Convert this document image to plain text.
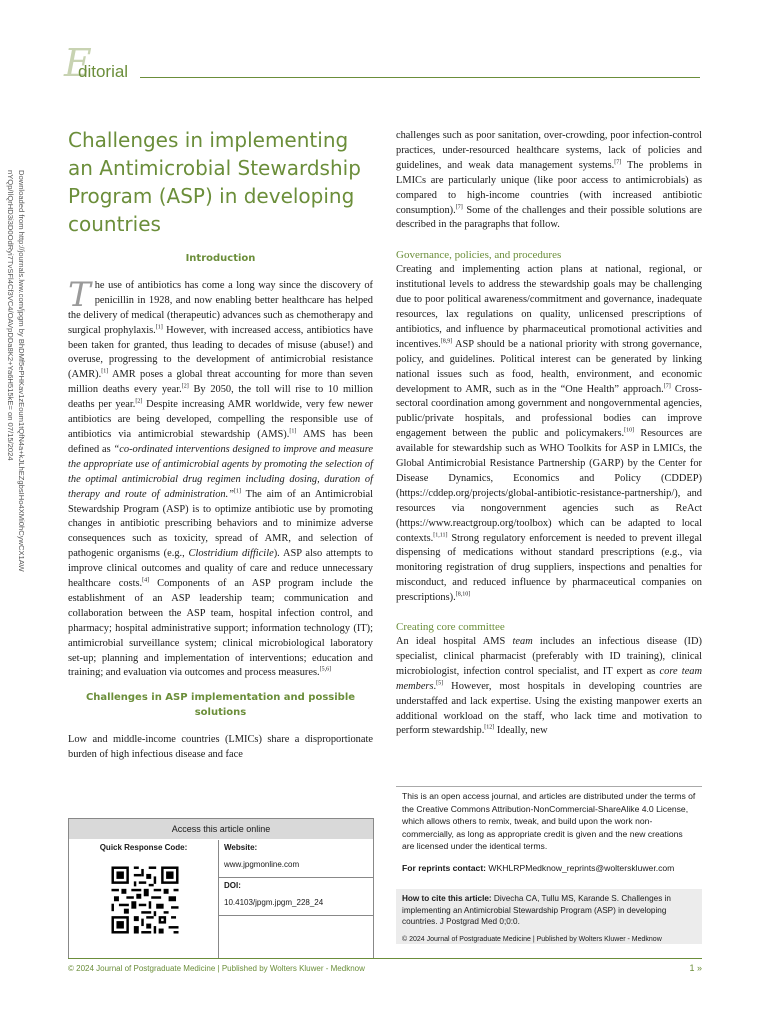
E
ditorial
Downloaded from http://journals.lww.com/jpgm by BhDMf5ePHKav1zEoum1tQfN4a+kJLhEZgbsIHo4XMi0hCywCX1AW nYQp/IlQrHD3i3D0OdRyi7TvSFl4Cf3VC4/OAVpDDa8K2+Ya6H515kE= on 07/15/2024
Challenges in implementing an Antimicrobial Stewardship Program (ASP) in developing countries

Introduction

The use of antibiotics has come a long way since the discovery of penicillin in 1928, and now enabling better healthcare has helped the delivery of medical (therapeutic) advances such as chemotherapy and surgical prophylaxis.[1] However, with increased access, antibiotics have been taken for granted, thus leading to decades of misuse (abuse!) and overuse, progressing to the development of antimicrobial resistance (AMR).[1] AMR poses a global threat accounting for more than seven million deaths every year.[2] By 2050, the toll will rise to 10 million deaths per year.[2] Despite increasing AMR worldwide, very few newer antibiotics are being developed, compelling the responsible use of antibiotics via antimicrobial stewardship (AMS).[1] AMS has been defined as “co-ordinated interventions designed to improve and measure the appropriate use of antimicrobial agents by promoting the selection of the optimal antimicrobial drug regimen including dosing, duration of therapy and route of administration.”[1] The aim of an Antimicrobial Stewardship Program (ASP) is to optimize antibiotic use by promoting changes in antibiotic prescribing behaviors and to minimize adverse consequences such as toxicity, spread of AMR, and selection of pathogenic organisms (e.g., Clostridium difficile). ASP also attempts to improve clinical outcomes and quality of care and reduce unnecessary healthcare costs.[4] Components of an ASP program include the establishment of an ASP leadership team; communication and collaboration between the ASP team, hospital infection control, and pharmacy; hospital administrative support; information technology (IT); antimicrobial surveillance system; clinical microbiological laboratory set-up; planning and implementation of interventions; education and training; and evaluation via outcomes and process measures.[5,6]

Challenges in ASP implementation and possible solutions

Low and middle-income countries (LMICs) share a disproportionate burden of high infectious disease and face

challenges such as poor sanitation, over-crowding, poor infection-control practices, under-resourced healthcare systems, lack of policies and guidelines, and weak data management systems.[7] The problems in LMICs are particularly unique (like poor access to antimicrobials) as compared to high-income countries (with increased antibiotic consumption).[7] Some of the challenges and their possible solutions are described in the paragraphs that follow.

Governance, policies, and procedures

Creating and implementing action plans at national, regional, or institutional levels to address the stewardship goals may be challenging due to poor political awareness/commitment and governance, inadequate resources, lax regulations on quality, unlicensed prescriptions of antibiotics, and influence by pharmaceutical promotional activities and incentives.[8,9] ASP should be a national priority with strong governance, policy, and guidelines. Political interest can be generated by linking national issues such as food, health, environment, and economic development to AMR, such as in the “One Health” approach.[7] Cross-sectoral coordination among government and nongovernmental agencies, public/private hospitals, and professional bodies can improve engagement between the public and policymakers.[10] Resources are available for stewardship such as WHO Toolkits for ASP in LMICs, the Global Antimicrobial Resistance Partnership (GARP) by the Center for Disease Dynamics, Economics and Policy (CDDEP) (https://cddep.org/projects/global-antibiotic-resistance-partnership/), and resources via nongovernment agencies such as ReAct (https://www.reactgroup.org/toolbox) which can be adapted to local contexts.[1,11] Strong regulatory enforcement is needed to prevent illegal dispensing of medications without standard prescriptions (e.g., via monitoring registration of drug suppliers, inspections and penalties for misconduct, and reduced influence by pharmaceutical companies on prescriptions).[8,10]

Creating core committee

An ideal hospital AMS team includes an infectious disease (ID) specialist, clinical pharmacist (preferably with ID training), clinical microbiologist, infection control specialist, and IT expert as core team members.[5] However, most hospitals in developing countries are understaffed and lack expertise. Using the existing manpower exerts an additional workload on the staff, who lack time and motivation to perform stewardship.[12] Ideally, new

Access this article online
Quick Response Code:	Website:
www.jpgmonline.com
DOI:
10.4103/jpgm.jpgm_228_24
This is an open access journal, and articles are distributed under the terms of the Creative Commons Attribution-NonCommercial-ShareAlike 4.0 License, which allows others to remix, tweak, and build upon the work non-commercially, as long as appropriate credit is given and the new creations are licensed under the identical terms.
For reprints contact: WKHLRPMedknow_reprints@wolterskluwer.com
How to cite this article: Divecha CA, Tullu MS, Karande S. Challenges in implementing an Antimicrobial Stewardship Program (ASP) in developing countries. J Postgrad Med 0;0:0.
© 2024 Journal of Postgraduate Medicine | Published by Wolters Kluwer - Medknow
© 2024 Journal of Postgraduate Medicine | Published by Wolters Kluwer - Medknow	1 »
